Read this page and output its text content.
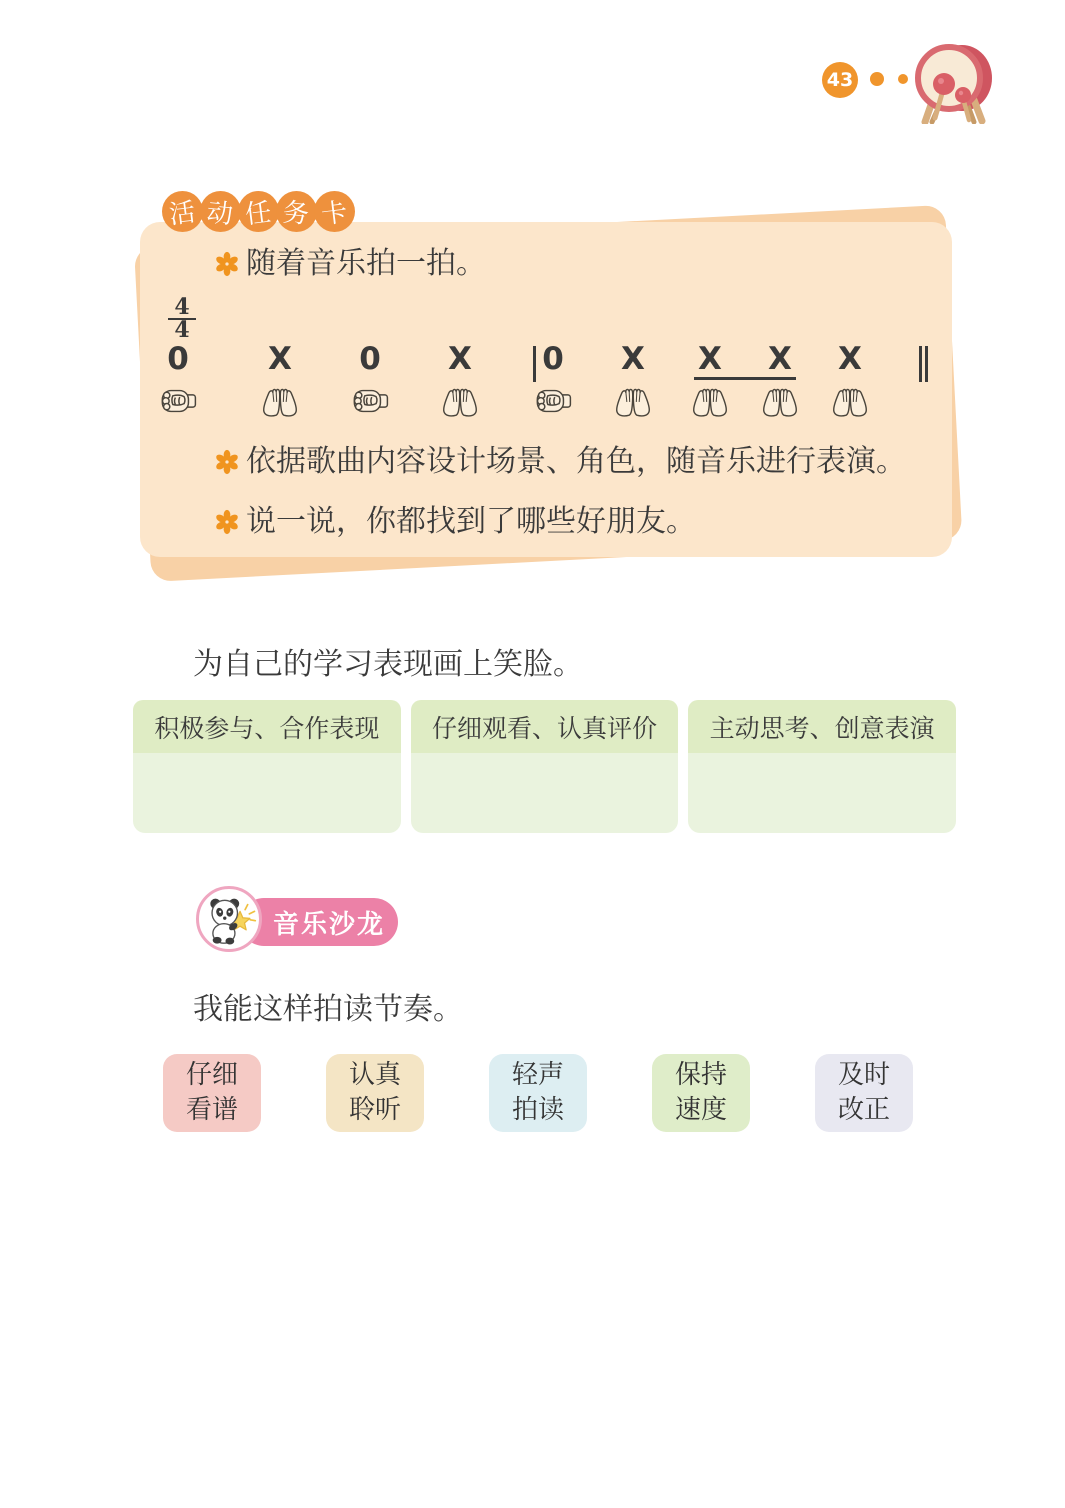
43
活 动 任 务 卡
随着音乐拍一拍。
4
4
0	X 0 X 0 X X X X
依据歌曲内容设计场景、角色，随音乐进行表演。
说一说，你都找到了哪些好朋友。
为自己的学习表现画上笑脸。
积极参与、合作表现	仔细观看、认真评价	主动思考、创意表演
音乐沙龙
我能这样拍读节奏。
仔细
看谱
认真
聆听
轻声
拍读
保持
速度
及时
改正
